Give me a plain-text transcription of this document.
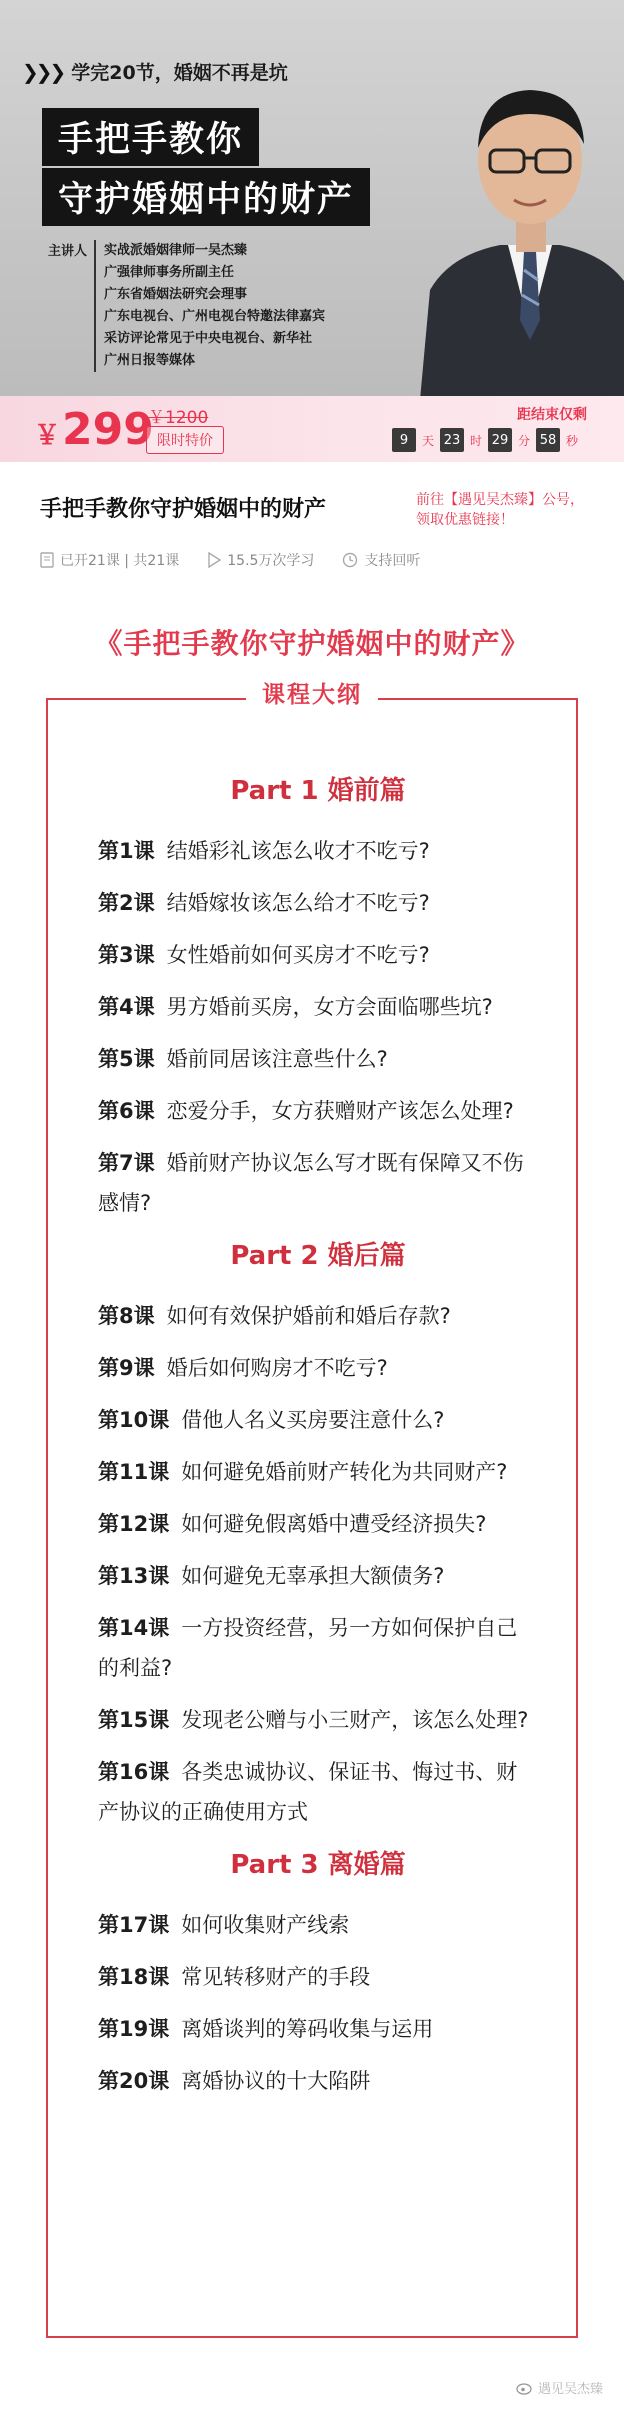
❯❯❯ 学完20节，婚姻不再是坑
手把手教你
守护婚姻中的财产
主讲人	实战派婚姻律师一吴杰臻
广强律师事务所副主任
广东省婚姻法研究会理事
广东电视台、广州电视台特邀法律嘉宾
采访评论常见于中央电视台、新华社
广州日报等媒体
￥299
￥1200
限时特价
距结束仅剩
9	天 23 时 29 分 58 秒
手把手教你守护婚姻中的财产	前往【遇见吴杰臻】公号，
领取优惠链接！
已开21课 | 共21课	15.5万次学习	支持回听
《手把手教你守护婚姻中的财产》
课程大纲
Part 1 婚前篇
第1课 结婚彩礼该怎么收才不吃亏?
第2课 结婚嫁妆该怎么给才不吃亏?
第3课 女性婚前如何买房才不吃亏?
第4课 男方婚前买房，女方会面临哪些坑?
第5课 婚前同居该注意些什么?
第6课 恋爱分手，女方获赠财产该怎么处理?
第7课 婚前财产协议怎么写才既有保障又不伤感情?
Part 2 婚后篇
第8课 如何有效保护婚前和婚后存款?
第9课 婚后如何购房才不吃亏?
第10课 借他人名义买房要注意什么?
第11课 如何避免婚前财产转化为共同财产?
第12课 如何避免假离婚中遭受经济损失?
第13课 如何避免无辜承担大额债务?
第14课 一方投资经营，另一方如何保护自己的利益?
第15课 发现老公赠与小三财产，该怎么处理?
第16课 各类忠诚协议、保证书、悔过书、财产协议的正确使用方式
Part 3 离婚篇
第17课 如何收集财产线索
第18课 常见转移财产的手段
第19课 离婚谈判的筹码收集与运用
第20课 离婚协议的十大陷阱
遇见吴杰臻
